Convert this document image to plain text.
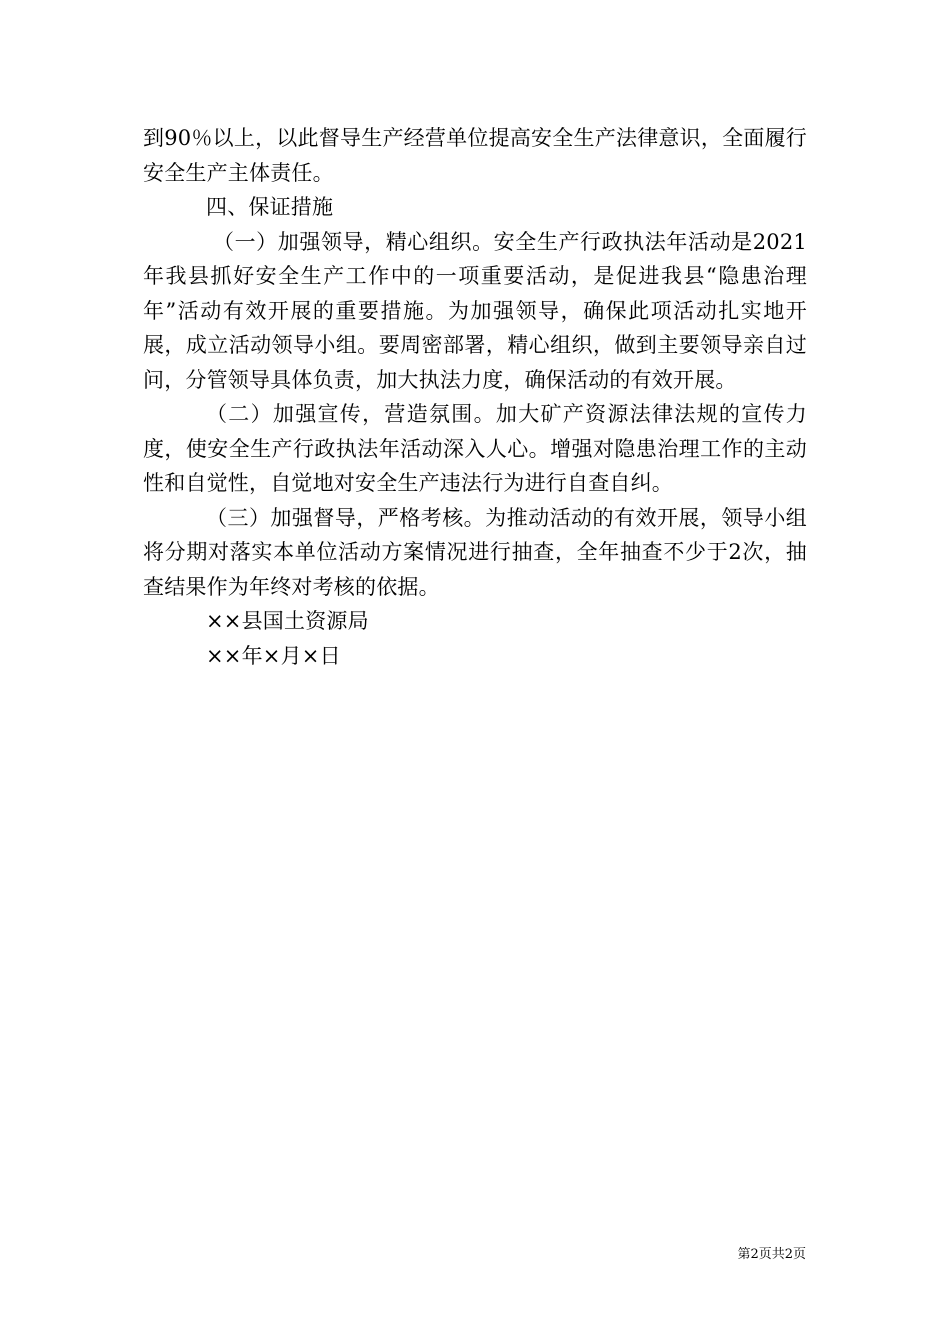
到90％以上，以此督导生产经营单位提高安全生产法律意识，全面履行安全生产主体责任。

四、保证措施

（一）加强领导，精心组织。安全生产行政执法年活动是2021年我县抓好安全生产工作中的一项重要活动，是促进我县“隐患治理年”活动有效开展的重要措施。为加强领导，确保此项活动扎实地开展，成立活动领导小组。要周密部署，精心组织，做到主要领导亲自过问，分管领导具体负责，加大执法力度，确保活动的有效开展。

（二）加强宣传，营造氛围。加大矿产资源法律法规的宣传力度，使安全生产行政执法年活动深入人心。增强对隐患治理工作的主动性和自觉性，自觉地对安全生产违法行为进行自查自纠。

（三）加强督导，严格考核。为推动活动的有效开展，领导小组将分期对落实本单位活动方案情况进行抽查，全年抽查不少于2次，抽查结果作为年终对考核的依据。

××县国土资源局

××年×月×日

第2页共2页
